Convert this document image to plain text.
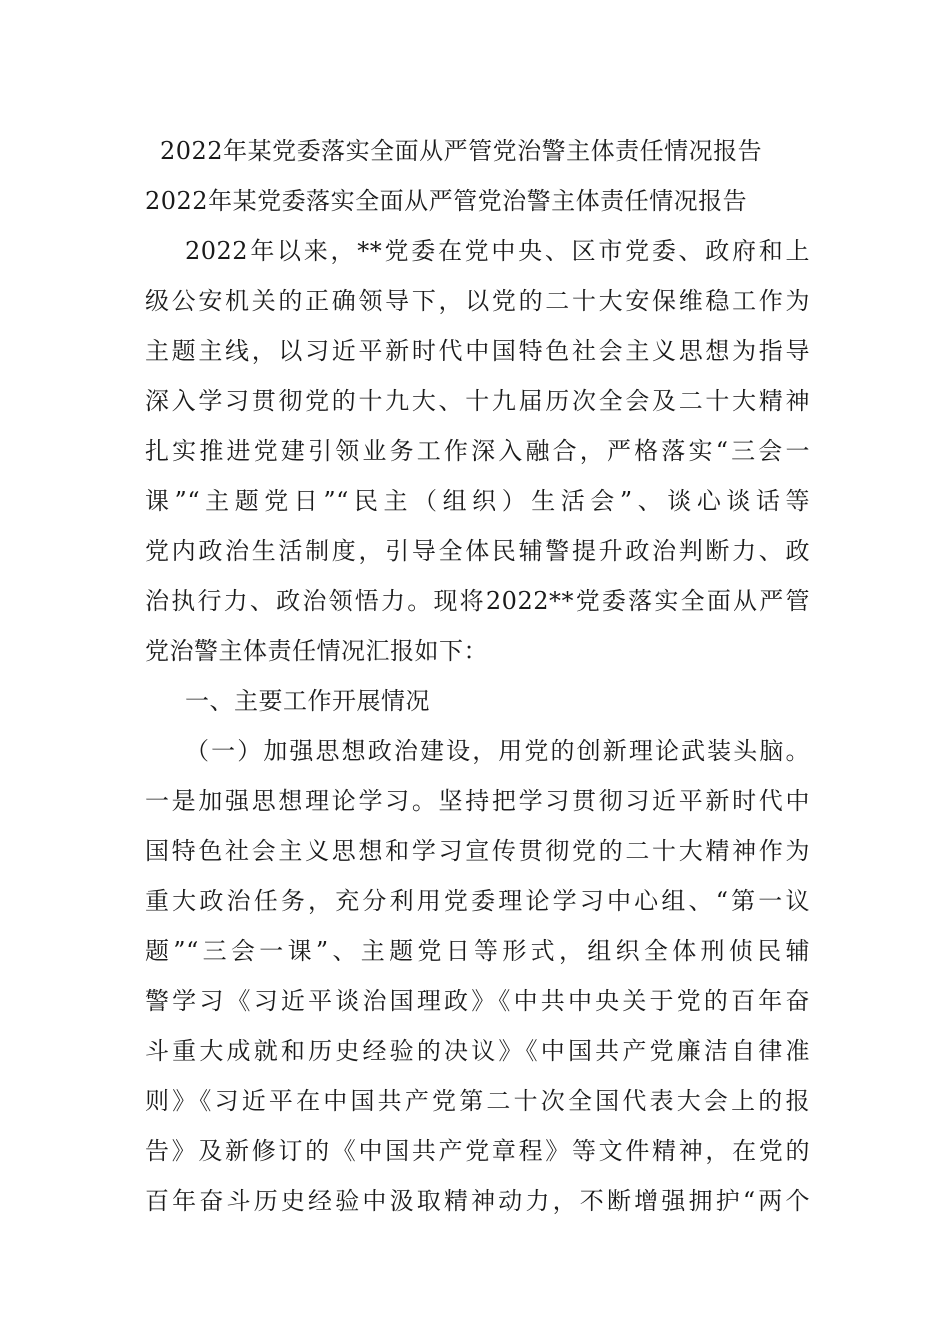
2022年某党委落实全面从严管党治警主体责任情况报告
2022年某党委落实全面从严管党治警主体责任情况报告
2022年以来，**党委在党中央、区市党委、政府和上
级公安机关的正确领导下，以党的二十大安保维稳工作为
主题主线，以习近平新时代中国特色社会主义思想为指导
深入学习贯彻党的十九大、十九届历次全会及二十大精神
扎实推进党建引领业务工作深入融合，严格落实“三会一
课”“主题党日”“民主（组织）生活会”、谈心谈话等
党内政治生活制度，引导全体民辅警提升政治判断力、政
治执行力、政治领悟力。现将2022**党委落实全面从严管
党治警主体责任情况汇报如下：
一、主要工作开展情况
（一）加强思想政治建设，用党的创新理论武装头脑。
一是加强思想理论学习。坚持把学习贯彻习近平新时代中
国特色社会主义思想和学习宣传贯彻党的二十大精神作为
重大政治任务，充分利用党委理论学习中心组、“第一议
题”“三会一课”、主题党日等形式，组织全体刑侦民辅
警学习《习近平谈治国理政》《中共中央关于党的百年奋
斗重大成就和历史经验的决议》《中国共产党廉洁自律准
则》《习近平在中国共产党第二十次全国代表大会上的报
告》及新修订的《中国共产党章程》等文件精神，在党的
百年奋斗历史经验中汲取精神动力，不断增强拥护“两个
